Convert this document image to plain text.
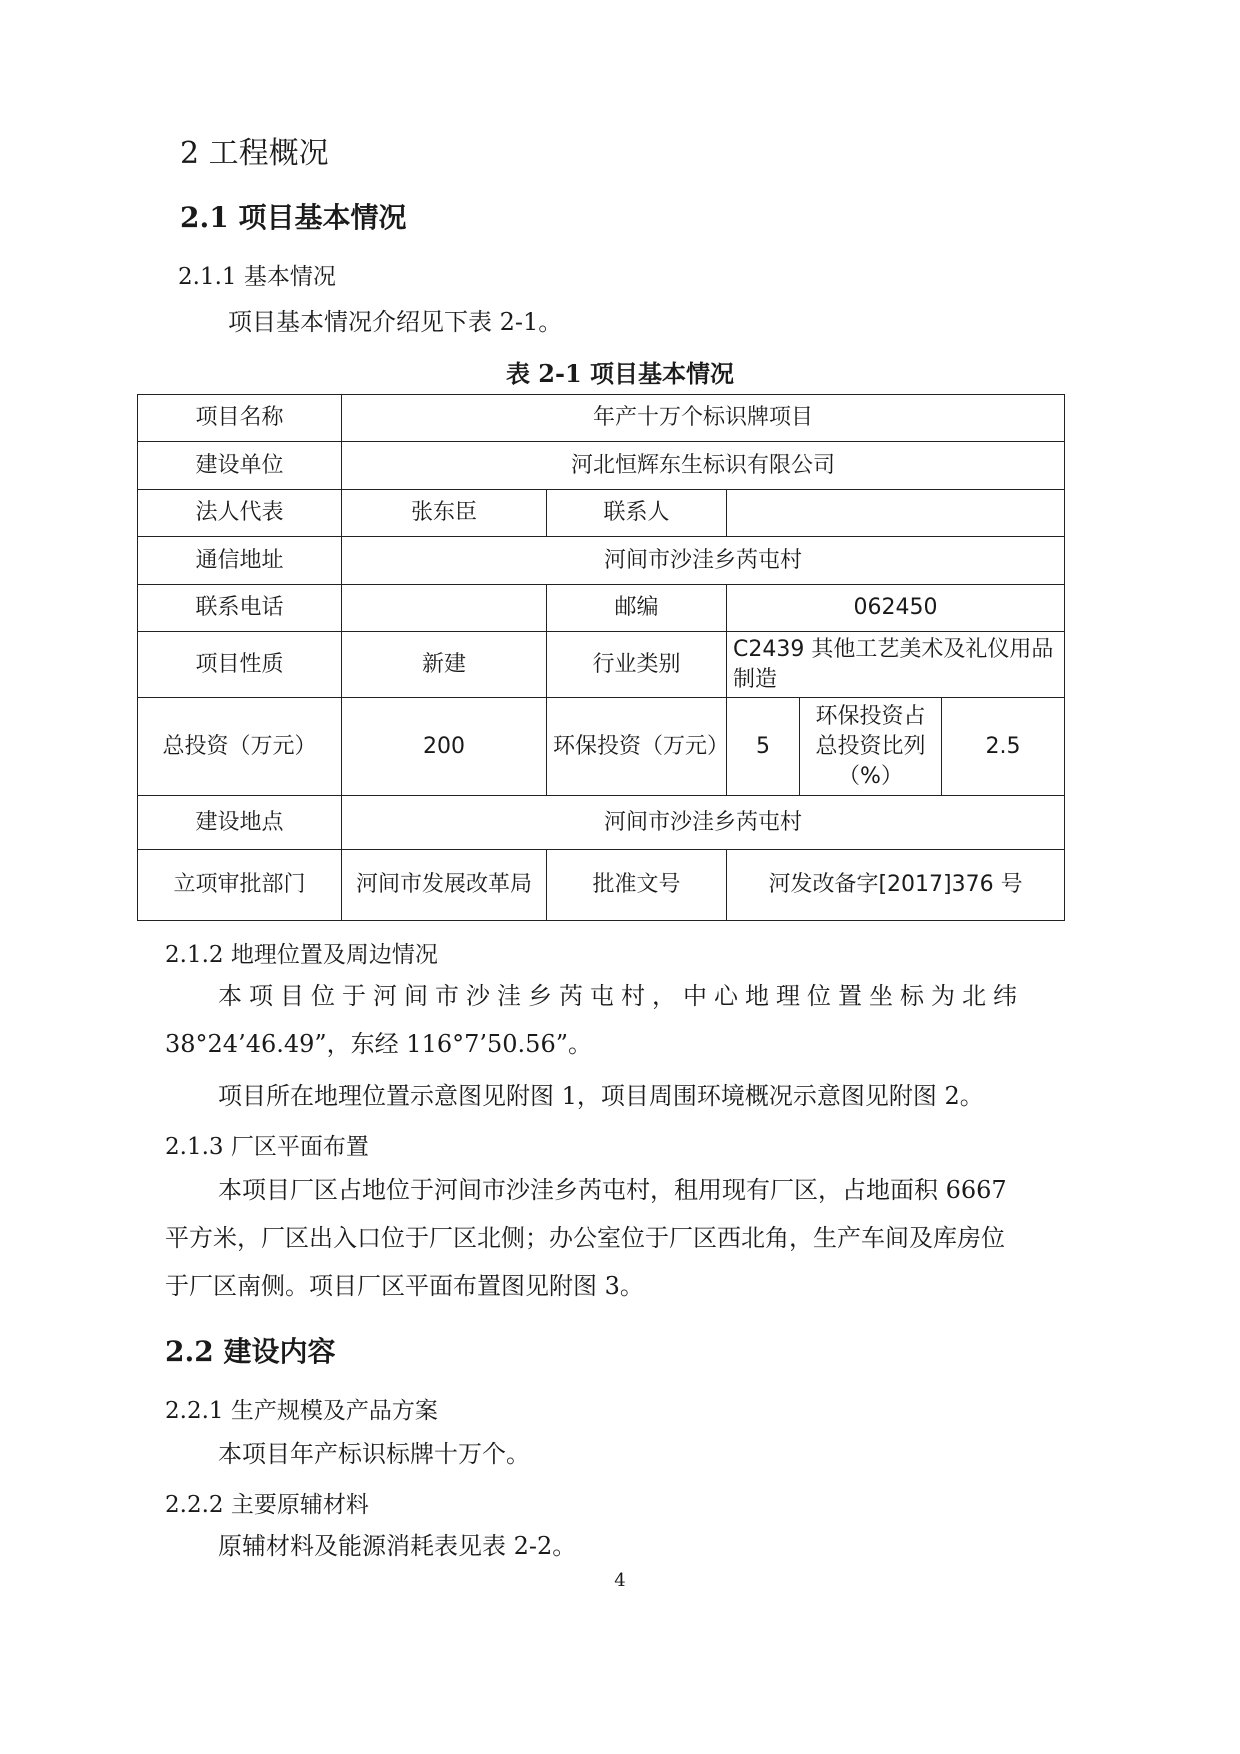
2 工程概况
2.1 项目基本情况
2.1.1 基本情况
项目基本情况介绍见下表 2-1。
表 2-1 项目基本情况
项目名称	年产十万个标识牌项目				
建设单位	河北恒辉东生标识有限公司				
法人代表	张东臣	联系人			
通信地址	河间市沙洼乡芮屯村				
联系电话		邮编	062450		
项目性质	新建	行业类别	C2439 其他工艺美术及礼仪用品制造		
总投资（万元）	200	环保投资（万元）	5	环保投资占总投资比列（%）	2.5
建设地点	河间市沙洼乡芮屯村				
立项审批部门	河间市发展改革局	批准文号	河发改备字[2017]376 号		
2.1.2 地理位置及周边情况
本项目位于河间市沙洼乡芮屯村，中心地理位置坐标为北纬
38°24’46.49”，东经 116°7’50.56”。
项目所在地理位置示意图见附图 1，项目周围环境概况示意图见附图 2。
2.1.3 厂区平面布置
本项目厂区占地位于河间市沙洼乡芮屯村，租用现有厂区，占地面积 6667
平方米，厂区出入口位于厂区北侧；办公室位于厂区西北角，生产车间及库房位
于厂区南侧。项目厂区平面布置图见附图 3。
2.2 建设内容
2.2.1 生产规模及产品方案
本项目年产标识标牌十万个。
2.2.2 主要原辅材料
原辅材料及能源消耗表见表 2-2。
4
